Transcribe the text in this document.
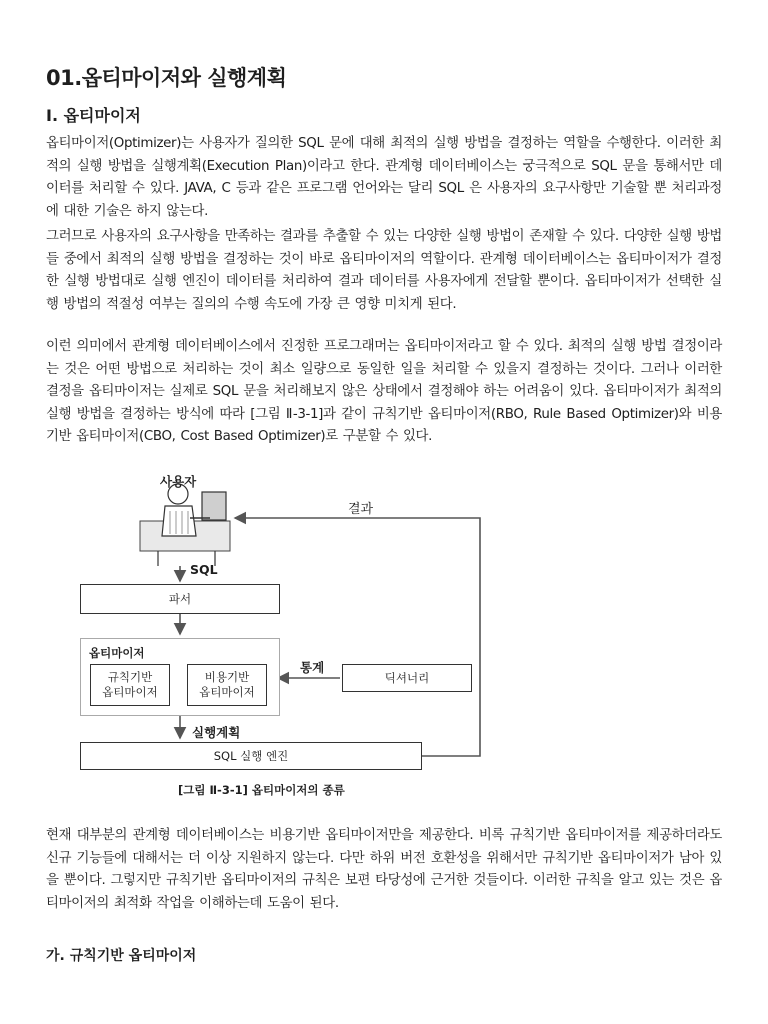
01.옵티마이저와 실행계획
I. 옵티마이저

옵티마이저(Optimizer)는 사용자가 질의한 SQL 문에 대해 최적의 실행 방법을 결정하는 역할을 수행한다. 이러한 최적의 실행 방법을 실행계획(Execution Plan)이라고 한다. 관계형 데이터베이스는 궁극적으로 SQL 문을 통해서만 데이터를 처리할 수 있다. JAVA, C 등과 같은 프로그램 언어와는 달리 SQL 은 사용자의 요구사항만 기술할 뿐 처리과정에 대한 기술은 하지 않는다.

그러므로 사용자의 요구사항을 만족하는 결과를 추출할 수 있는 다양한 실행 방법이 존재할 수 있다. 다양한 실행 방법들 중에서 최적의 실행 방법을 결정하는 것이 바로 옵티마이저의 역할이다. 관계형 데이터베이스는 옵티마이저가 결정한 실행 방법대로 실행 엔진이 데이터를 처리하여 결과 데이터를 사용자에게 전달할 뿐이다. 옵티마이저가 선택한 실행 방법의 적절성 여부는 질의의 수행 속도에 가장 큰 영향 미치게 된다.

이런 의미에서 관계형 데이터베이스에서 진정한 프로그래머는 옵티마이저라고 할 수 있다. 최적의 실행 방법 결정이라는 것은 어떤 방법으로 처리하는 것이 최소 일량으로 동일한 일을 처리할 수 있을지 결정하는 것이다. 그러나 이러한 결정을 옵티마이저는 실제로 SQL 문을 처리해보지 않은 상태에서 결정해야 하는 어려움이 있다. 옵티마이저가 최적의 실행 방법을 결정하는 방식에 따라 [그림 Ⅱ-3-1]과 같이 규칙기반 옵티마이저(RBO, Rule Based Optimizer)와 비용기반 옵티마이저(CBO, Cost Based Optimizer)로 구분할 수 있다.

사용자
결과
SQL
파서
옵티마이저
규칙기반
옵티마이저
비용기반
옵티마이저
통계
딕셔너리
실행계획
SQL 실행 엔진
[그림 Ⅱ-3-1] 옵티마이저의 종류

현재 대부분의 관계형 데이터베이스는 비용기반 옵티마이저만을 제공한다. 비록 규칙기반 옵티마이저를 제공하더라도 신규 기능들에 대해서는 더 이상 지원하지 않는다. 다만 하위 버전 호환성을 위해서만 규칙기반 옵티마이저가 남아 있을 뿐이다. 그렇지만 규칙기반 옵티마이저의 규칙은 보편 타당성에 근거한 것들이다. 이러한 규칙을 알고 있는 것은 옵티마이저의 최적화 작업을 이해하는데 도움이 된다.

가. 규칙기반 옵티마이저
